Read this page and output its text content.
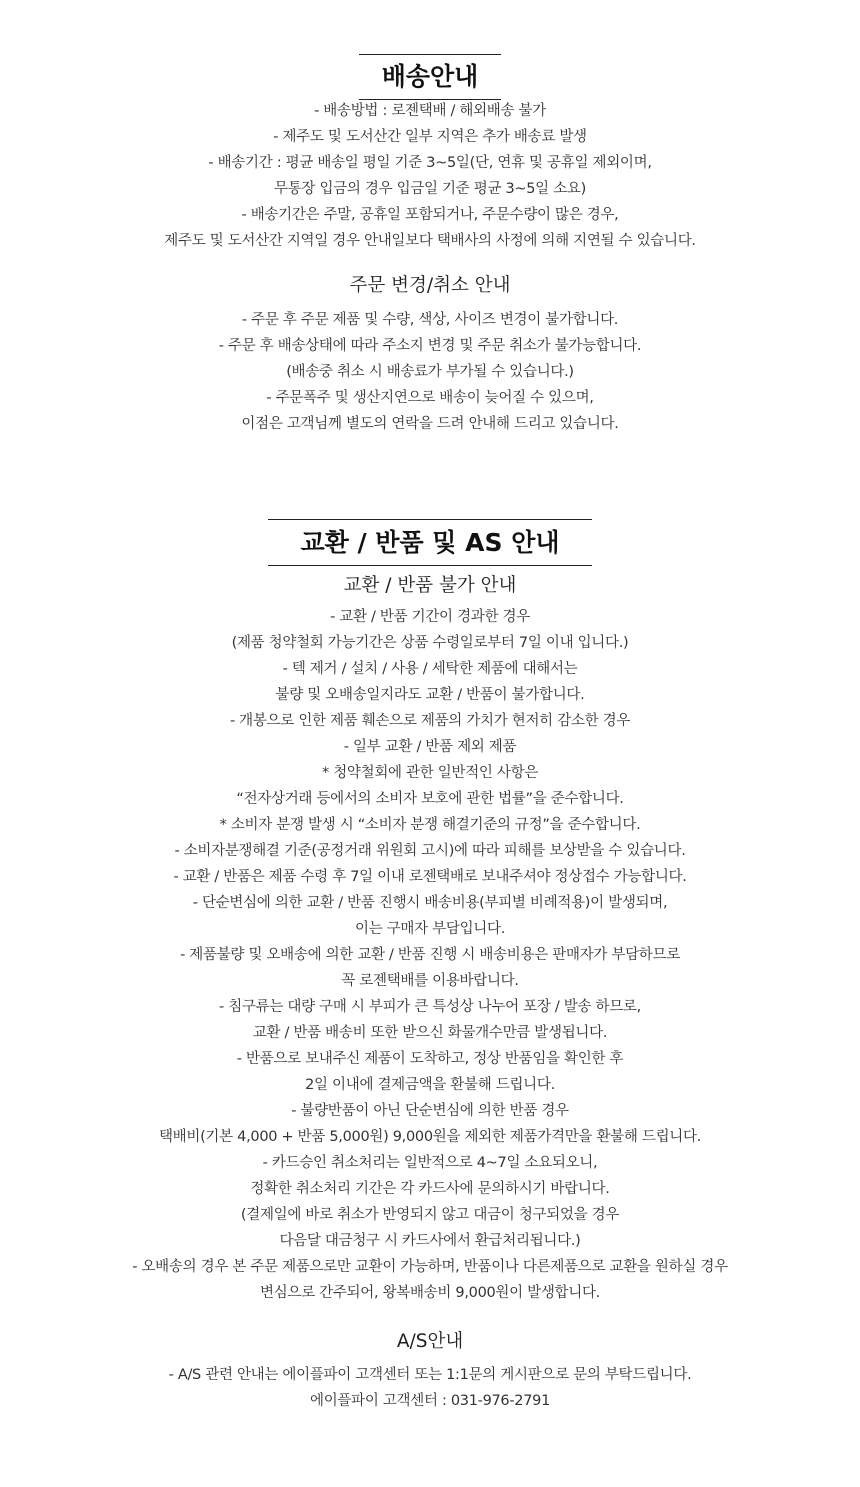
배송안내
- 배송방법 : 로젠택배 / 해외배송 불가
- 제주도 및 도서산간 일부 지역은 추가 배송료 발생
- 배송기간 : 평균 배송일 평일 기준 3~5일(단, 연휴 및 공휴일 제외이며,
무통장 입금의 경우 입금일 기준 평균 3~5일 소요)
- 배송기간은 주말, 공휴일 포함되거나, 주문수량이 많은 경우,
제주도 및 도서산간 지역일 경우 안내일보다 택배사의 사정에 의해 지연될 수 있습니다.
주문 변경/취소 안내
- 주문 후 주문 제품 및 수량, 색상, 사이즈 변경이 불가합니다.
- 주문 후 배송상태에 따라 주소지 변경 및 주문 취소가 불가능합니다.
(배송중 취소 시 배송료가 부가될 수 있습니다.)
- 주문폭주 및 생산지연으로 배송이 늦어질 수 있으며,
이점은 고객님께 별도의 연락을 드려 안내해 드리고 있습니다.
교환 / 반품 및 AS 안내
교환 / 반품 불가 안내
- 교환 / 반품 기간이 경과한 경우
(제품 청약철회 가능기간은 상품 수령일로부터 7일 이내 입니다.)
- 텍 제거 / 설치 / 사용 / 세탁한 제품에 대해서는
불량 및 오배송일지라도 교환 / 반품이 불가합니다.
- 개봉으로 인한 제품 훼손으로 제품의 가치가 현저히 감소한 경우
- 일부 교환 / 반품 제외 제품
* 청약철회에 관한 일반적인 사항은
“전자상거래 등에서의 소비자 보호에 관한 법률”을 준수합니다.
* 소비자 분쟁 발생 시 “소비자 분쟁 해결기준의 규정”을 준수합니다.
- 소비자분쟁해결 기준(공정거래 위원회 고시)에 따라 피해를 보상받을 수 있습니다.
- 교환 / 반품은 제품 수령 후 7일 이내 로젠택배로 보내주셔야 정상접수 가능합니다.
- 단순변심에 의한 교환 / 반품 진행시 배송비용(부피별 비례적용)이 발생되며,
이는 구매자 부담입니다.
- 제품불량 및 오배송에 의한 교환 / 반품 진행 시 배송비용은 판매자가 부담하므로
꼭 로젠택배를 이용바랍니다.
- 침구류는 대량 구매 시 부피가 큰 특성상 나누어 포장 / 발송 하므로,
교환 / 반품 배송비 또한 받으신 화물개수만큼 발생됩니다.
- 반품으로 보내주신 제품이 도착하고, 정상 반품임을 확인한 후
2일 이내에 결제금액을 환불해 드립니다.
- 불량반품이 아닌 단순변심에 의한 반품 경우
택배비(기본 4,000 + 반품 5,000원) 9,000원을 제외한 제품가격만을 환불해 드립니다.
- 카드승인 취소처리는 일반적으로 4~7일 소요되오니,
정확한 취소처리 기간은 각 카드사에 문의하시기 바랍니다.
(결제일에 바로 취소가 반영되지 않고 대금이 청구되었을 경우
다음달 대금청구 시 카드사에서 환급처리됩니다.)
- 오배송의 경우 본 주문 제품으로만 교환이 가능하며, 반품이나 다른제품으로 교환을 원하실 경우
변심으로 간주되어, 왕복배송비 9,000원이 발생합니다.
A/S안내
- A/S 관련 안내는 에이플파이 고객센터 또는 1:1문의 게시판으로 문의 부탁드립니다.
에이플파이 고객센터 : 031-976-2791
